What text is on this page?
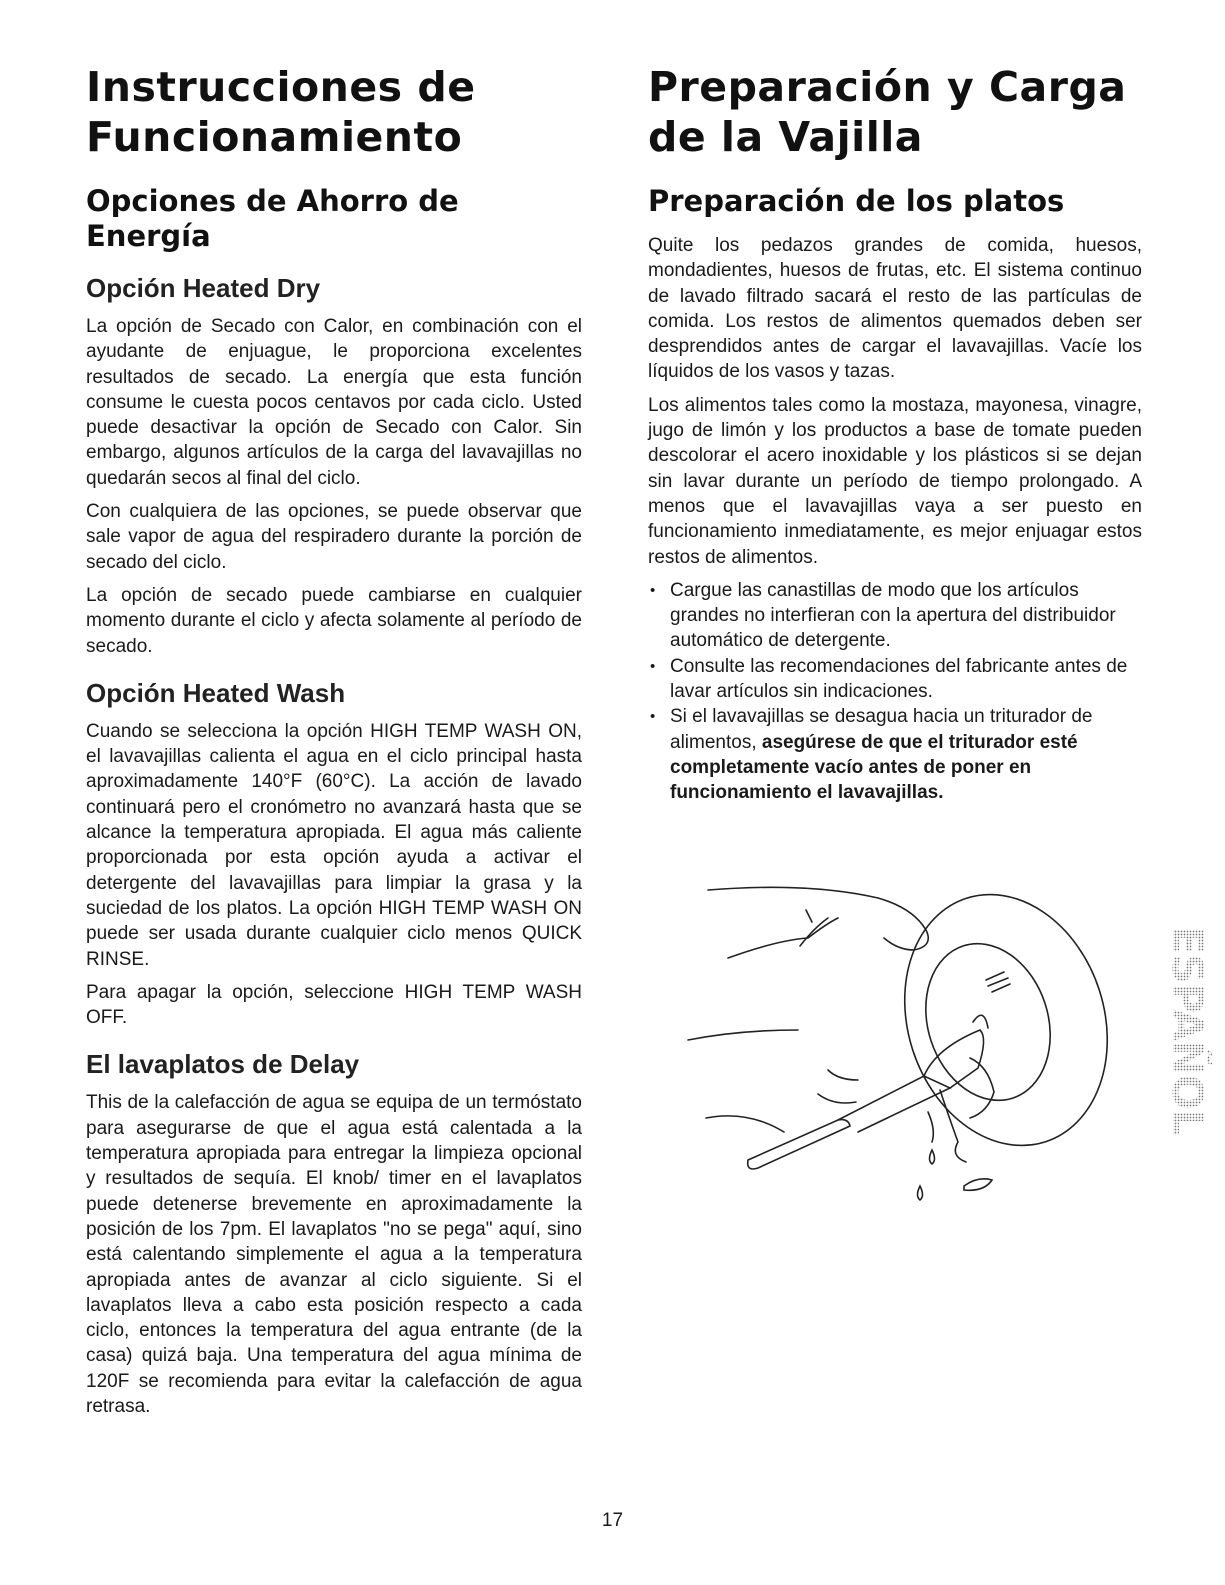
Instrucciones de
Funcionamiento
Opciones de Ahorro de
Energía
Opción Heated Dry

La opción de Secado con Calor, en combinación con el ayudante de enjuague, le proporciona excelentes resultados de secado. La energía que esta función consume le cuesta pocos centavos por cada ciclo. Usted puede desactivar la opción de Secado con Calor. Sin embargo, algunos artículos de la carga del lavavajillas no quedarán secos al final del ciclo.

Con cualquiera de las opciones, se puede observar que sale vapor de agua del respiradero durante la porción de secado del ciclo.

La opción de secado puede cambiarse en cualquier momento durante el ciclo y afecta solamente al período de secado.

Opción Heated Wash

Cuando se selecciona la opción HIGH TEMP WASH ON, el lavavajillas calienta el agua en el ciclo principal hasta aproximadamente 140°F (60°C). La acción de lavado continuará pero el cronómetro no avanzará hasta que se alcance la temperatura apropiada. El agua más caliente proporcionada por esta opción ayuda a activar el detergente del lavavajillas para limpiar la grasa y la suciedad de los platos. La opción HIGH TEMP WASH ON puede ser usada durante cualquier ciclo menos QUICK RINSE.

Para apagar la opción, seleccione HIGH TEMP WASH OFF.

El lavaplatos de Delay

This de la calefacción de agua se equipa de un termóstato para asegurarse de que el agua está calentada a la temperatura apropiada para entregar la limpieza opcional y resultados de sequía. El knob/ timer en el lavaplatos puede detenerse brevemente en aproximadamente la posición de los 7pm. El lavaplatos "no se pega" aquí, sino está calentando simplemente el agua a la temperatura apropiada antes de avanzar al ciclo siguiente. Si el lavaplatos lleva a cabo esta posición respecto a cada ciclo, entonces la temperatura del agua entrante (de la casa) quizá baja. Una temperatura del agua mínima de 120F se recomienda para evitar la calefacción de agua retrasa.

Preparación y Carga
de la Vajilla
Preparación de los platos

Quite los pedazos grandes de comida, huesos, mondadientes, huesos de frutas, etc. El sistema continuo de lavado filtrado sacará el resto de las partículas de comida. Los restos de alimentos quemados deben ser desprendidos antes de cargar el lavavajillas. Vacíe los líquidos de los vasos y tazas.

Los alimentos tales como la mostaza, mayonesa, vinagre, jugo de limón y los productos a base de tomate pueden descolorar el acero inoxidable y los plásticos si se dejan sin lavar durante un período de tiempo prolongado. A menos que el lavavajillas vaya a ser puesto en funcionamiento inmediatamente, es mejor enjuagar estos restos de alimentos.

• Cargue las canastillas de modo que los artículos grandes no interfieran con la apertura del distribuidor automático de detergente.
• Consulte las recomendaciones del fabricante antes de lavar artículos sin indicaciones.
• Si el lavavajillas se desagua hacia un triturador de alimentos, asegúrese de que el triturador esté completamente vacío antes de poner en funcionamiento el lavavajillas.
ESPAÑOL
17
